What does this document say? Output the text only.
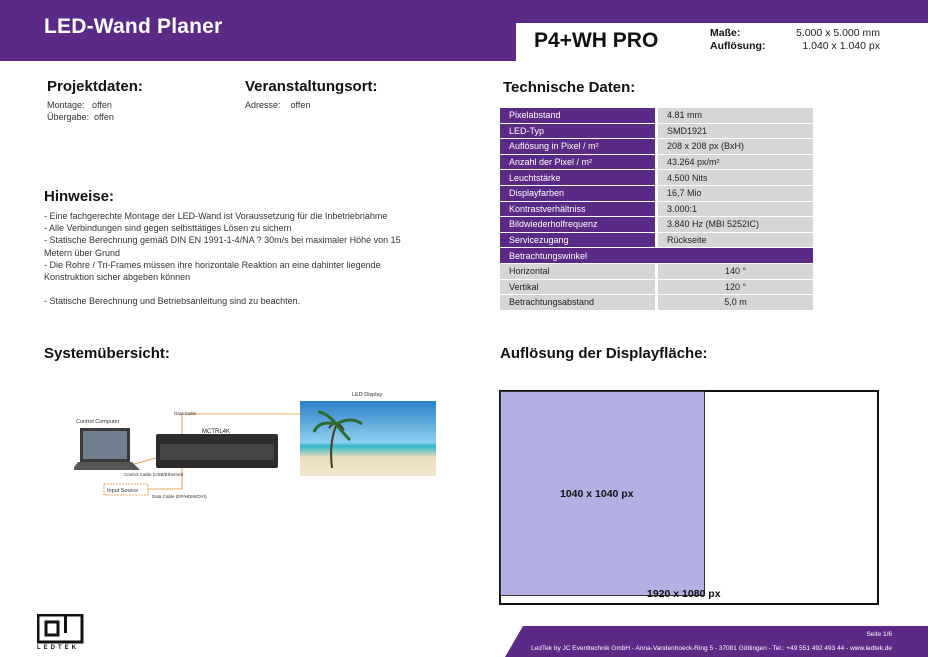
LED-Wand Planer
P4+WH PRO	Maße:	5.000 x 5.000 mm
Auflösung:	1.040 x 1.040 px
Projektdaten:
Montage:   offen
Übergabe:  offen
Veranstaltungsort:
Adresse:    offen
Technische Daten:
Pixelabstand	4.81 mm
LED-Typ	SMD1921
Auflösung in Pixel / m²	208 x 208 px (BxH)
Anzahl der Pixel / m²	43.264 px/m²
Leuchtstärke	4.500 Nits
Displayfarben	16,7 Mio
Kontrastverhältniss	3.000:1
Bildwiederholfrequenz	3.840 Hz (MBI 5252IC)
Servicezugang	Rückseite
Betrachtungswinkel	
Horizontal	140 °
Vertikal	120 °
Betrachtungsabstand	5,0 m
Hinweise:
- Eine fachgerechte Montage der LED-Wand ist Voraussetzung für die Inbetriebnahme
- Alle Verbindungen sind gegen selbsttätiges Lösen zu sichern
- Statische Berechnung gemäß DIN EN 1991-1-4/NA ? 30m/s bei maximaler Höhe von 15
Metern über Grund
- Die Rohre / Tri-Frames müssen ihre horizontale Reaktion an eine dahinter liegende
Konstruktion sicher abgeben können
- Statische Berechnung und Betriebsanleitung sind zu beachten.
Systemübersicht:
LED Display
Data Cable
MCTRL4K
Control Computer
Control Cable (USB/Ethernet)
Input Source
Data Cable (DP/HDMI/DVI)
Auflösung der Displayfläche:
1040 x 1040 px
1920 x 1080 px
LEDTEK
Seite 1/6
LedTek by JC Eventtechnik GmbH - Anna-Vandenhoeck-Ring 5 - 37081 Göttingen - Tel.: +49 551 492 493 44 - www.ledtek.de
